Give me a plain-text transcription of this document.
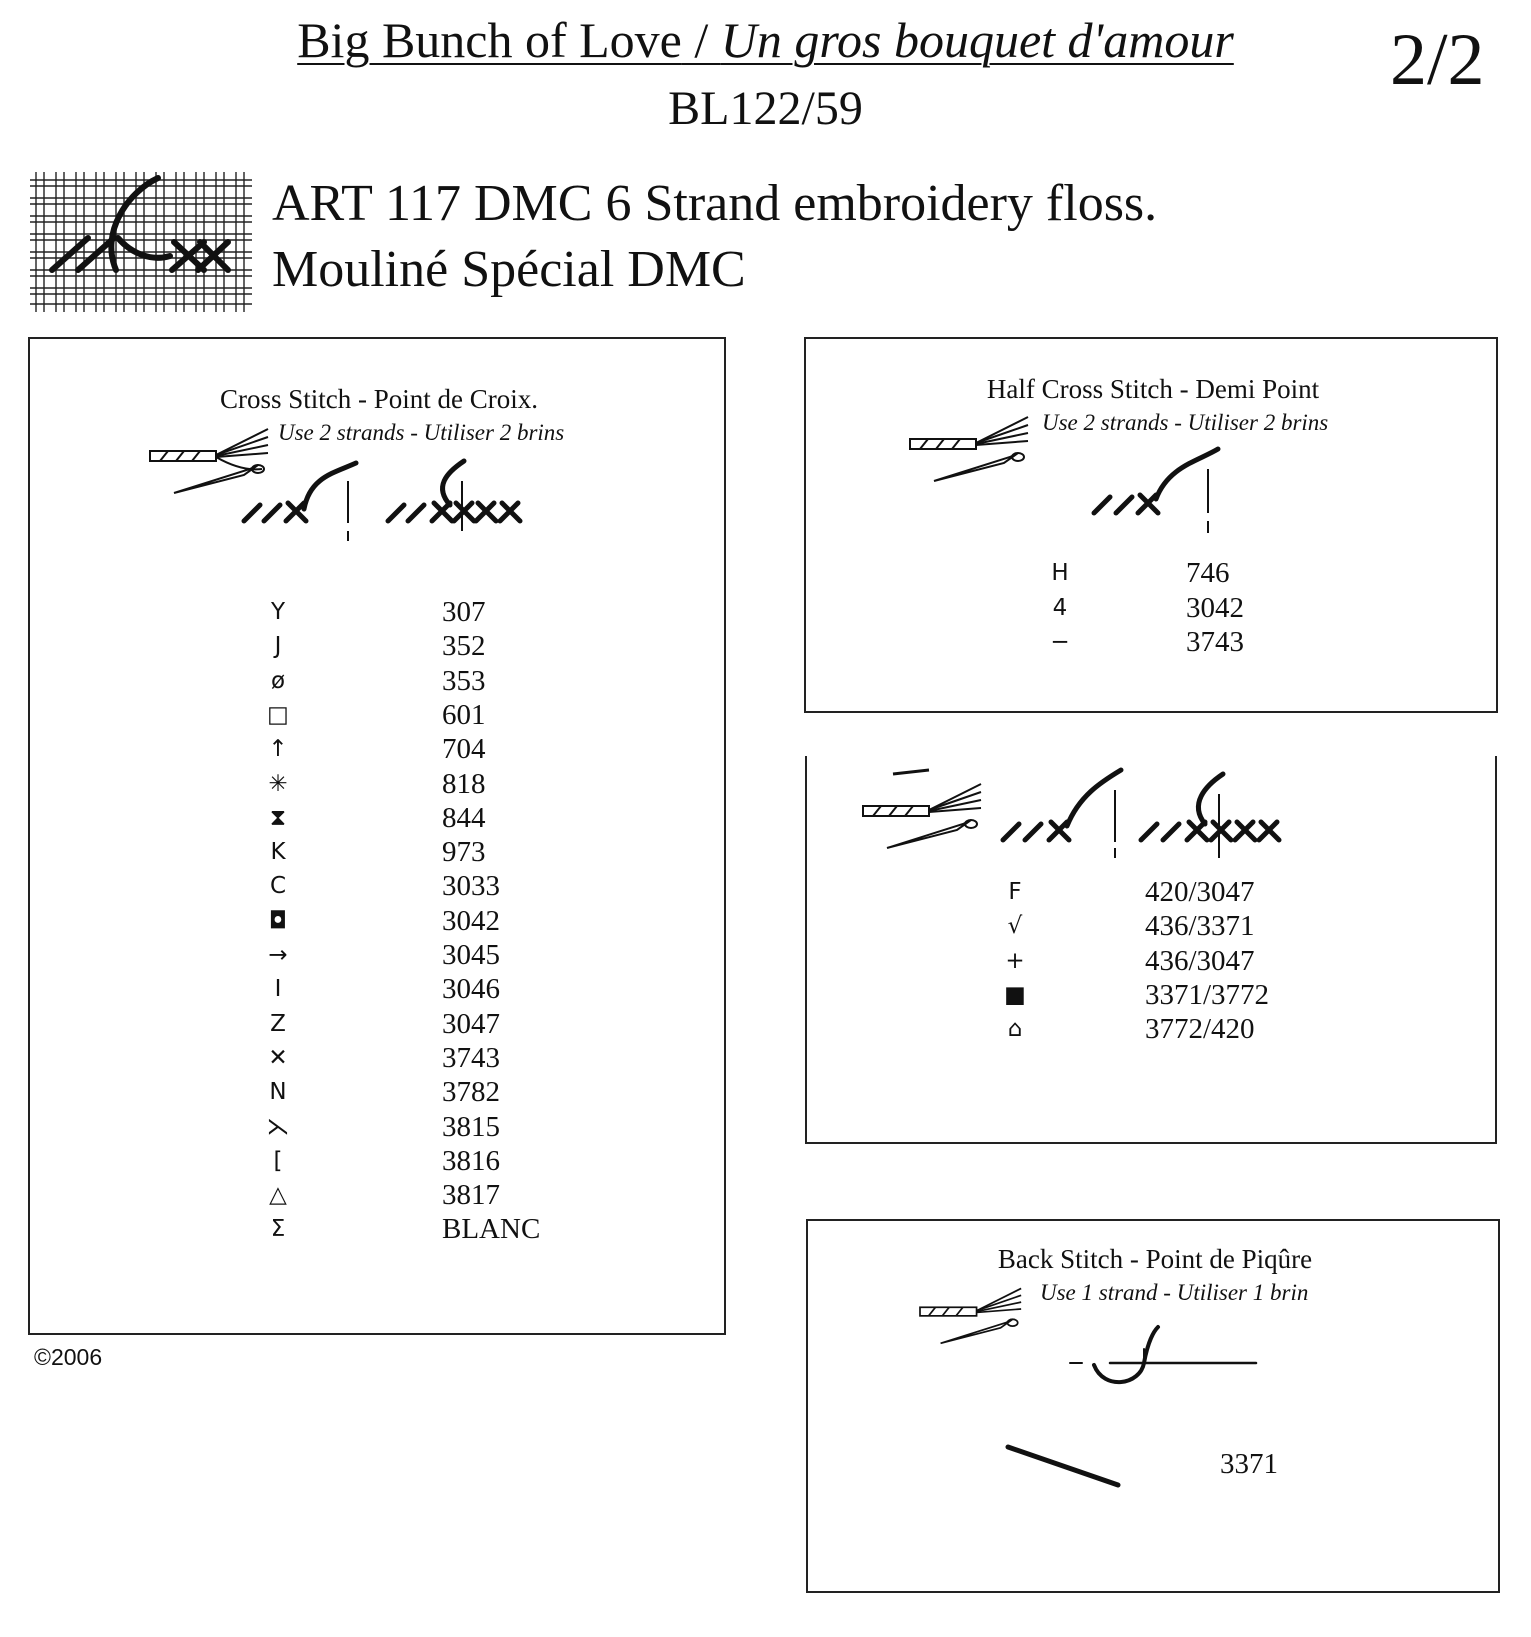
Big Bunch of Love / Un gros bouquet d'amour
BL122/59
2/2
ART 117 DMC 6 Strand embroidery floss.
Mouliné Spécial DMC
Cross Stitch - Point de Croix.
Use 2 strands - Utiliser 2 brins
Y	307
J	352
ø	353
□	601
↑	704
✳	818
⧗	844
K	973
C	3033
◘	3042
→	3045
I	3046
Z	3047
✕	3743
N	3782
⋋	3815
[	3816
△	3817
Σ	BLANC
Half Cross Stitch - Demi Point
Use 2 strands - Utiliser 2 brins
H	746
4	3042
−	3743
F	420/3047
√	436/3371
+	436/3047
■	3371/3772
⌂	3772/420
Back Stitch - Point de Piqûre
Use 1 strand - Utiliser 1 brin
3371
©2006
